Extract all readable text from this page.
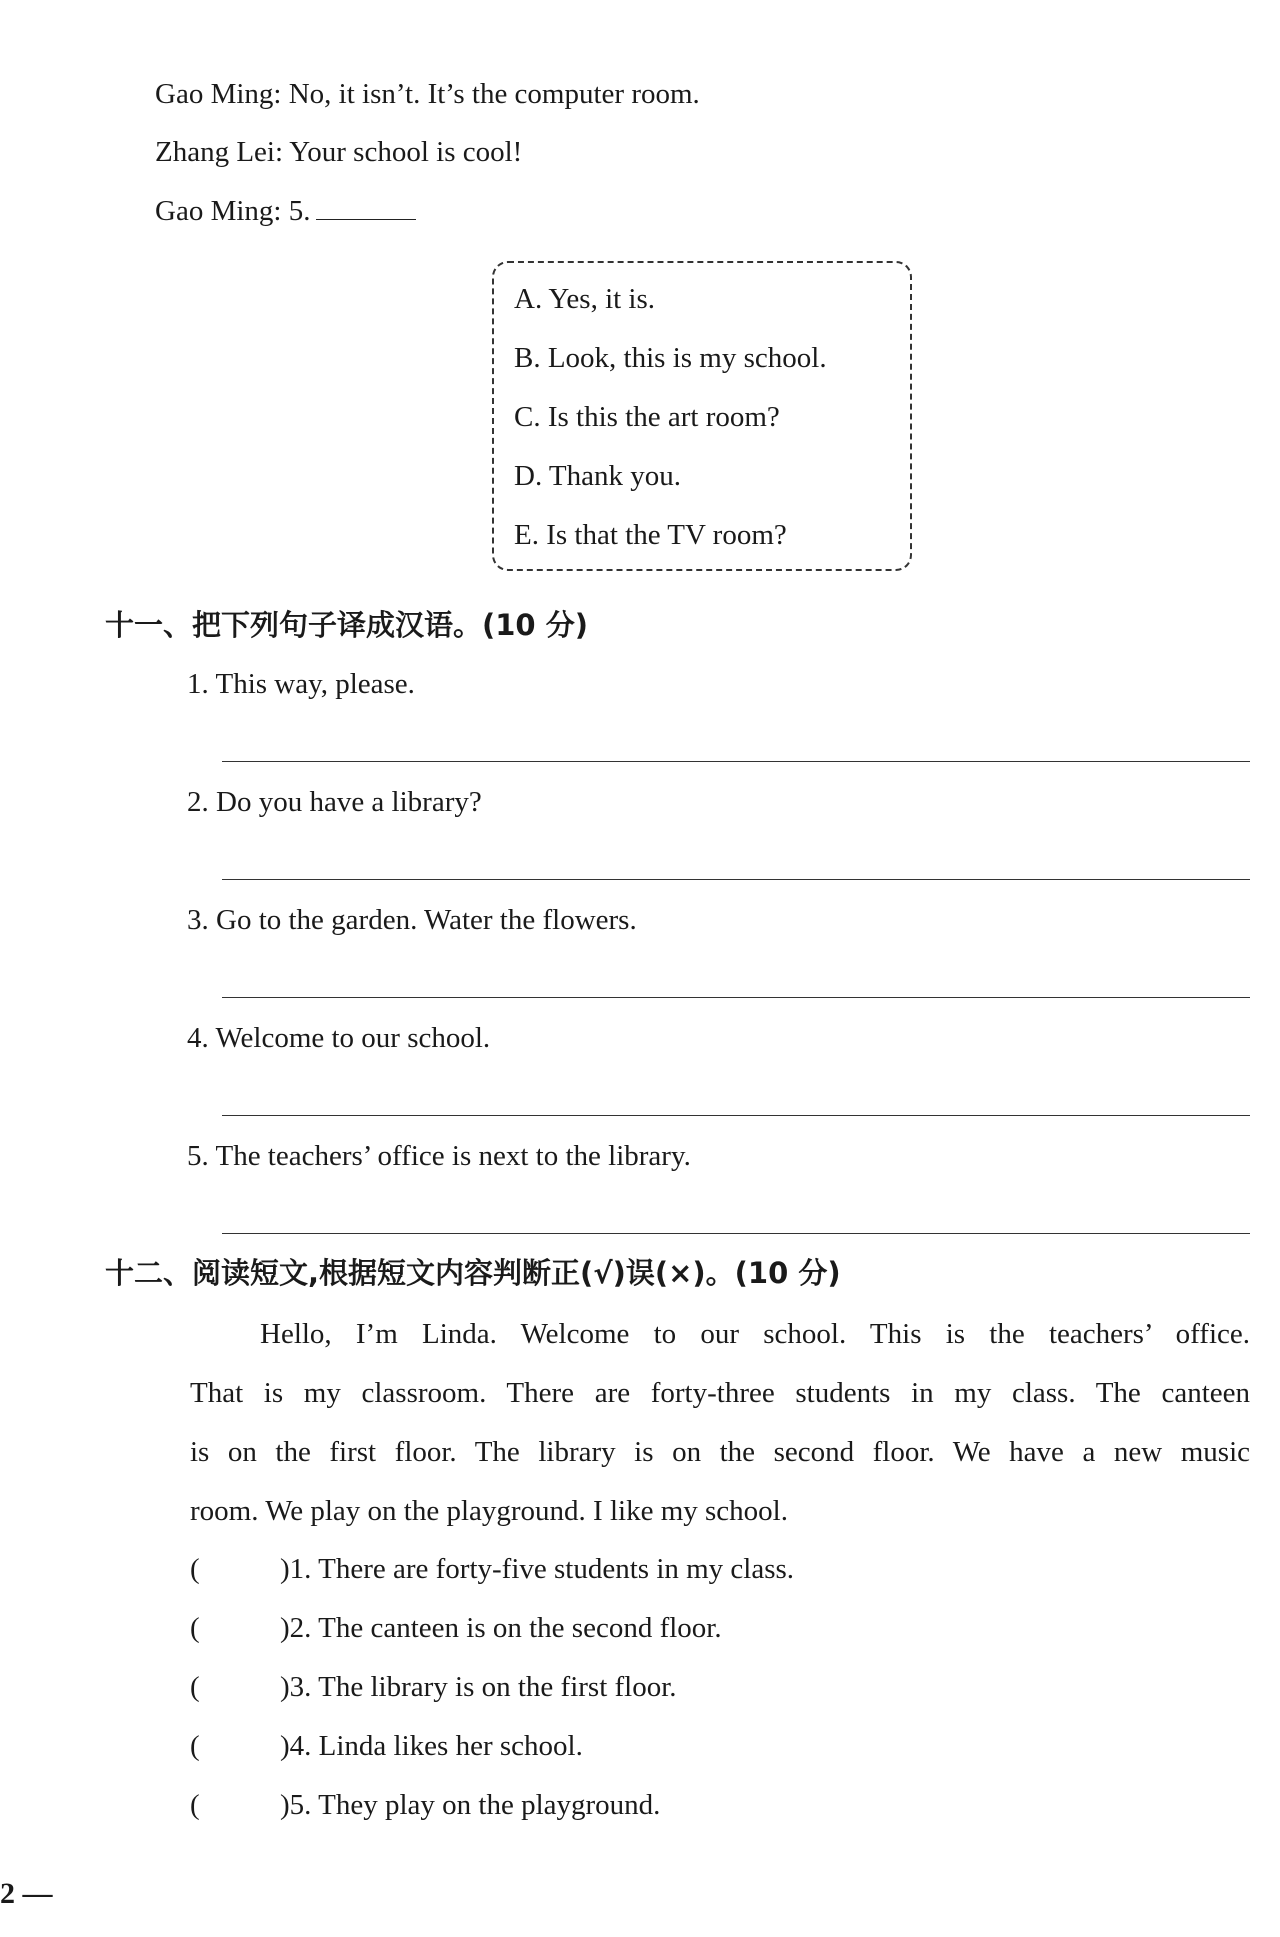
Gao Ming: No, it isn’t. It’s the computer room.
Zhang Lei: Your school is cool!
Gao Ming: 5.
A. Yes, it is.
B. Look, this is my school.
C. Is this the art room?
D. Thank you.
E. Is that the TV room?
十一、把下列句子译成汉语。(10 分)
1. This way, please.
2. Do you have a library?
3. Go to the garden. Water the flowers.
4. Welcome to our school.
5. The teachers’ office is next to the library.
十二、阅读短文,根据短文内容判断正(√)误(×)。(10 分)
Hello, I’m Linda. Welcome to our school. This is the teachers’ office.
That is my classroom. There are forty-three students in my class. The canteen
is on the first floor. The library is on the second floor. We have a new music
room. We play on the playground. I like my school.
(	)1. There are forty-five students in my class.
(	)2. The canteen is on the second floor.
(	)3. The library is on the first floor.
(	)4. Linda likes her school.
(	)5. They play on the playground.
2 —
